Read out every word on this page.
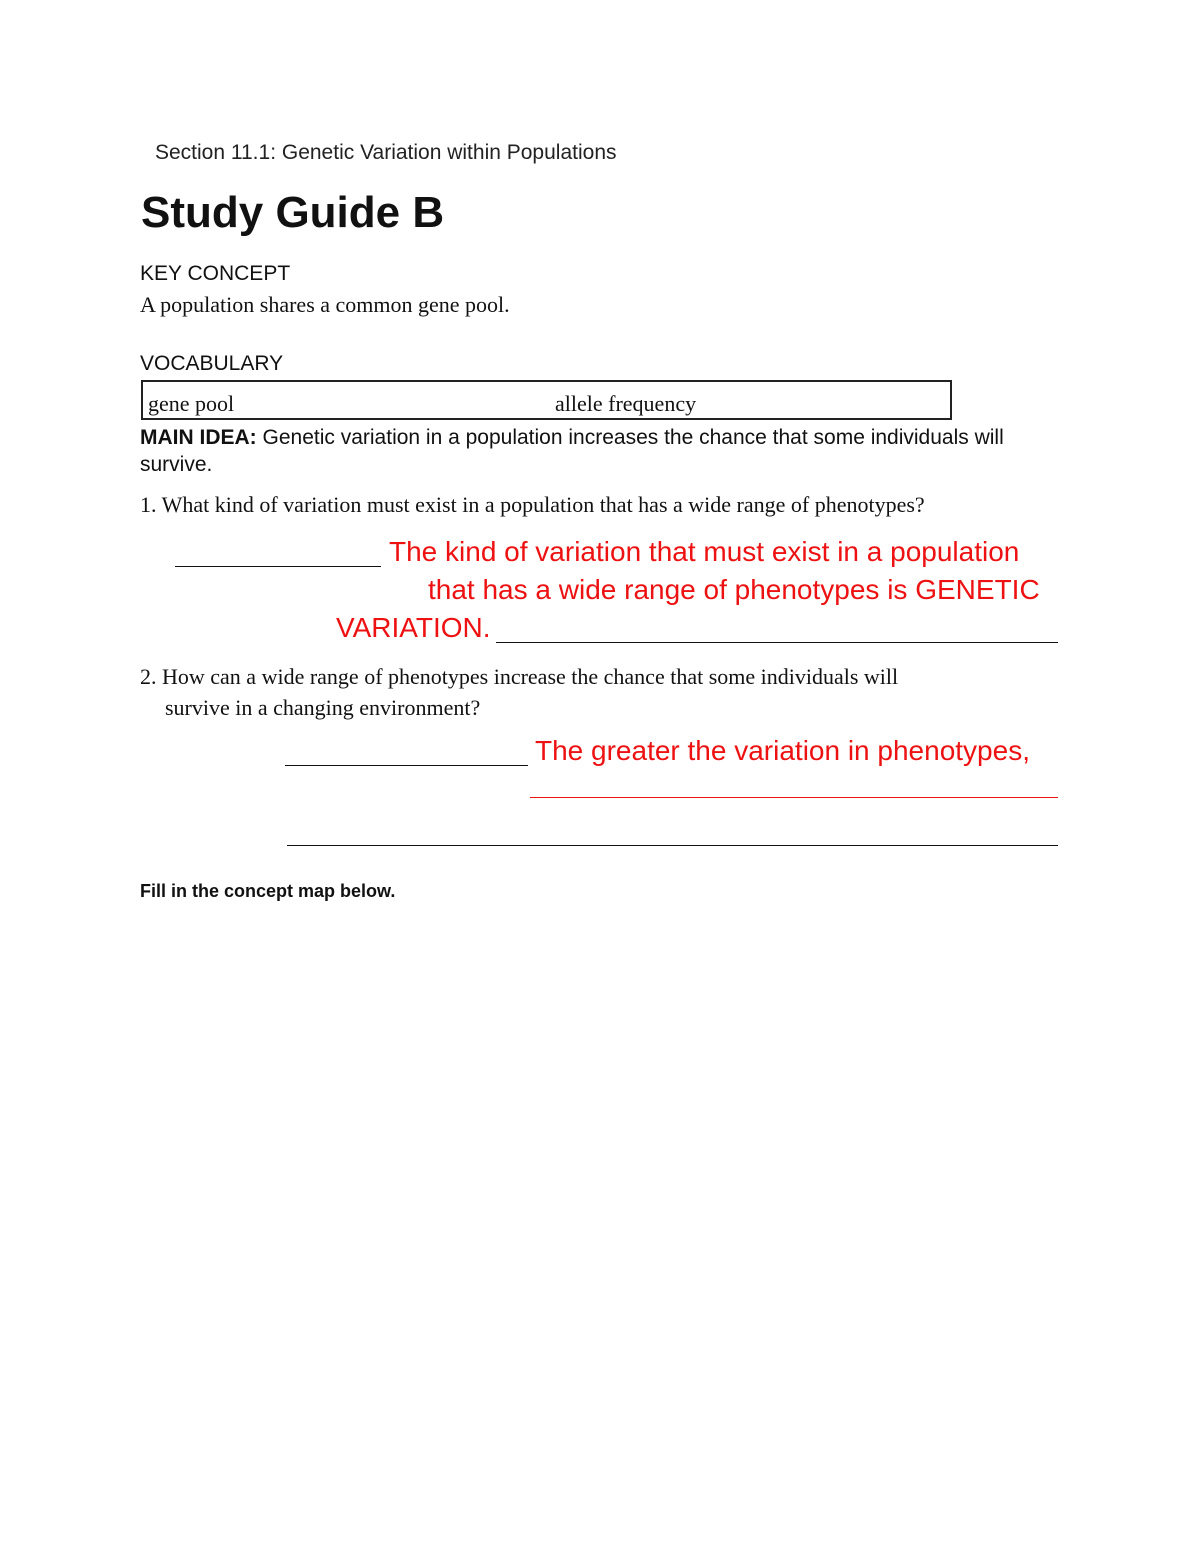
Section 11.1: Genetic Variation within Populations
Study Guide B
KEY CONCEPT
A population shares a common gene pool.
VOCABULARY
gene pool	allele frequency
MAIN IDEA: Genetic variation in a population increases the chance that some individuals will survive.
1. What kind of variation must exist in a population that has a wide range of phenotypes?
The kind of variation that must exist in a population
that has a wide range of phenotypes is GENETIC
VARIATION.
2. How can a wide range of phenotypes increase the chance that some individuals will
survive in a changing environment?
The greater the variation in phenotypes,
Fill in the concept map below.
